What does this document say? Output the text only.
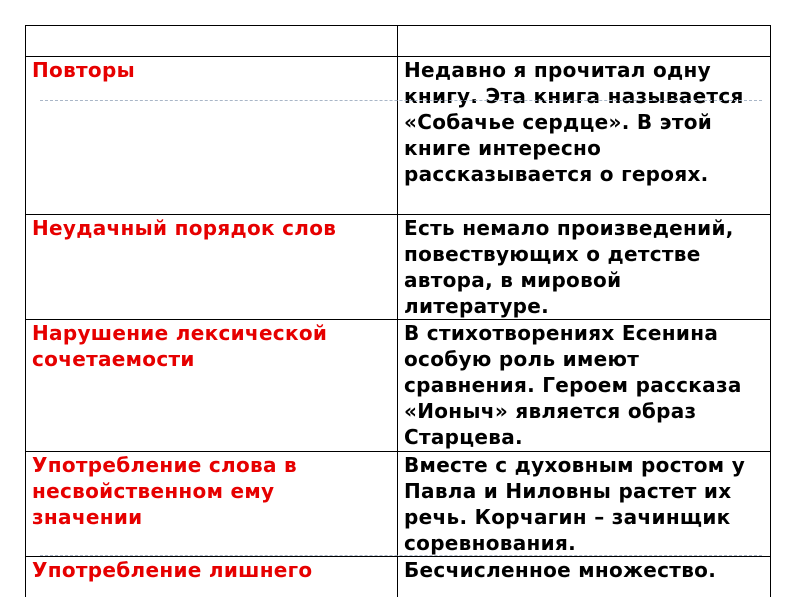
Повторы	Недавно я прочитал одну книгу. Эта книга называется «Собачье сердце». В этой книге интересно рассказывается о героях.
Неудачный порядок слов	Есть немало произведений, повествующих о детстве автора, в мировой литературе.
Нарушение лексической сочетаемости	В стихотворениях Есенина особую роль имеют сравнения. Героем рассказа «Ионыч» является образ Старцева.
Употребление слова в несвойственном ему значении	Вместе с духовным ростом у Павла и Ниловны растет их речь. Корчагин – зачинщик соревнования.
Употребление лишнего	Бесчисленное множество.
